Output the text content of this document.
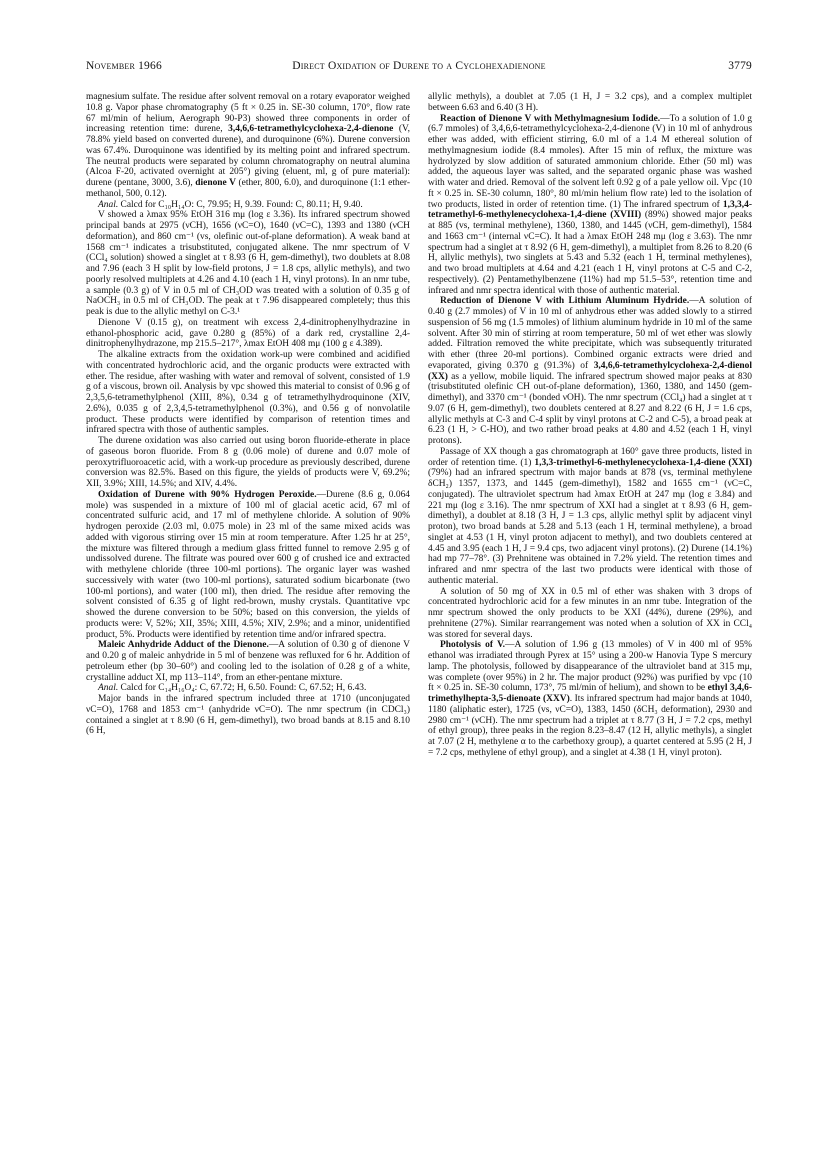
November 1966	Direct Oxidation of Durene to a Cyclohexadienone	3779

magnesium sulfate. The residue after solvent removal on a rotary evaporator weighed 10.8 g. Vapor phase chromatography (5 ft × 0.25 in. SE-30 column, 170°, flow rate 67 ml/min of helium, Aerograph 90-P3) showed three components in order of increasing retention time: durene, 3,4,6,6-tetramethylcyclohexa-2,4-dienone (V, 78.8% yield based on converted durene), and duroquinone (6%). Durene conversion was 67.4%. Duroquinone was identified by its melting point and infrared spectrum. The neutral products were separated by column chromatography on neutral alumina (Alcoa F-20, activated overnight at 205°) giving (eluent, ml, g of pure material): durene (pentane, 3000, 3.6), dienone V (ether, 800, 6.0), and duroquinone (1:1 ether-methanol, 500, 0.12).

Anal. Calcd for C₁₀H₁₄O: C, 79.95; H, 9.39. Found: C, 80.11; H, 9.40.

V showed a λmax 95% EtOH 316 mμ (log ε 3.36). Its infrared spectrum showed principal bands at 2975 (νCH), 1656 (νC=O), 1640 (νC=C), 1393 and 1380 (νCH deformation), and 860 cm⁻¹ (vs, olefinic out-of-plane deformation). A weak band at 1568 cm⁻¹ indicates a trisubstituted, conjugated alkene. The nmr spectrum of V (CCl₄ solution) showed a singlet at τ 8.93 (6 H, gem-dimethyl), two doublets at 8.08 and 7.96 (each 3 H split by low-field protons, J = 1.8 cps, allylic methyls), and two poorly resolved multiplets at 4.26 and 4.10 (each 1 H, vinyl protons). In an nmr tube, a sample (0.3 g) of V in 0.5 ml of CH₃OD was treated with a solution of 0.35 g of NaOCH₃ in 0.5 ml of CH₃OD. The peak at τ 7.96 disappeared completely; thus this peak is due to the allylic methyl on C-3.¹

Dienone V (0.15 g), on treatment wih excess 2,4-dinitrophenylhydrazine in ethanol-phosphoric acid, gave 0.280 g (85%) of a dark red, crystalline 2,4-dinitrophenylhydrazone, mp 215.5–217°, λmax EtOH 408 mμ (100 g ε 4.389).

The alkaline extracts from the oxidation work-up were combined and acidified with concentrated hydrochloric acid, and the organic products were extracted with ether. The residue, after washing with water and removal of solvent, consisted of 1.9 g of a viscous, brown oil. Analysis by vpc showed this material to consist of 0.96 g of 2,3,5,6-tetramethylphenol (XIII, 8%), 0.34 g of tetramethylhydroquinone (XIV, 2.6%), 0.035 g of 2,3,4,5-tetramethylphenol (0.3%), and 0.56 g of nonvolatile product. These products were identified by comparison of retention times and infrared spectra with those of authentic samples.

The durene oxidation was also carried out using boron fluoride-etherate in place of gaseous boron fluoride. From 8 g (0.06 mole) of durene and 0.07 mole of peroxytrifluoroacetic acid, with a work-up procedure as previously described, durene conversion was 82.5%. Based on this figure, the yields of products were V, 69.2%; XII, 3.9%; XIII, 14.5%; and XIV, 4.4%.

Oxidation of Durene with 90% Hydrogen Peroxide.—Durene (8.6 g, 0.064 mole) was suspended in a mixture of 100 ml of glacial acetic acid, 67 ml of concentrated sulfuric acid, and 17 ml of methylene chloride. A solution of 90% hydrogen peroxide (2.03 ml, 0.075 mole) in 23 ml of the same mixed acids was added with vigorous stirring over 15 min at room temperature. After 1.25 hr at 25°, the mixture was filtered through a medium glass fritted funnel to remove 2.95 g of undissolved durene. The filtrate was poured over 600 g of crushed ice and extracted with methylene chloride (three 100-ml portions). The organic layer was washed successively with water (two 100-ml portions), saturated sodium bicarbonate (two 100-ml portions), and water (100 ml), then dried. The residue after removing the solvent consisted of 6.35 g of light red-brown, mushy crystals. Quantitative vpc showed the durene conversion to be 50%; based on this conversion, the yields of products were: V, 52%; XII, 35%; XIII, 4.5%; XIV, 2.9%; and a minor, unidentified product, 5%. Products were identified by retention time and/or infrared spectra.

Maleic Anhydride Adduct of the Dienone.—A solution of 0.30 g of dienone V and 0.20 g of maleic anhydride in 5 ml of benzene was refluxed for 6 hr. Addition of petroleum ether (bp 30–60°) and cooling led to the isolation of 0.28 g of a white, crystalline adduct XI, mp 113–114°, from an ether-pentane mixture.

Anal. Calcd for C₁₄H₁₆O₄: C, 67.72; H, 6.50. Found: C, 67.52; H, 6.43.

Major bands in the infrared spectrum included three at 1710 (unconjugated νC=O), 1768 and 1853 cm⁻¹ (anhydride νC=O). The nmr spectrum (in CDCl₃) contained a singlet at τ 8.90 (6 H, gem-dimethyl), two broad bands at 8.15 and 8.10 (6 H,

allylic methyls), a doublet at 7.05 (1 H, J = 3.2 cps), and a complex multiplet between 6.63 and 6.40 (3 H).

Reaction of Dienone V with Methylmagnesium Iodide.—To a solution of 1.0 g (6.7 mmoles) of 3,4,6,6-tetramethylcyclohexa-2,4-dienone (V) in 10 ml of anhydrous ether was added, with efficient stirring, 6.0 ml of a 1.4 M ethereal solution of methylmagnesium iodide (8.4 mmoles). After 15 min of reflux, the mixture was hydrolyzed by slow addition of saturated ammonium chloride. Ether (50 ml) was added, the aqueous layer was salted, and the separated organic phase was washed with water and dried. Removal of the solvent left 0.92 g of a pale yellow oil. Vpc (10 ft × 0.25 in. SE-30 column, 180°, 80 ml/min helium flow rate) led to the isolation of two products, listed in order of retention time. (1) The infrared spectrum of 1,3,3,4-tetramethyl-6-methylenecyclohexa-1,4-diene (XVIII) (89%) showed major peaks at 885 (vs, terminal methylene), 1360, 1380, and 1445 (νCH, gem-dimethyl), 1584 and 1663 cm⁻¹ (internal νC=C). It had a λmax EtOH 248 mμ (log ε 3.63). The nmr spectrum had a singlet at τ 8.92 (6 H, gem-dimethyl), a multiplet from 8.26 to 8.20 (6 H, allylic methyls), two singlets at 5.43 and 5.32 (each 1 H, terminal methylenes), and two broad multiplets at 4.64 and 4.21 (each 1 H, vinyl protons at C-5 and C-2, respectively). (2) Pentamethylbenzene (11%) had mp 51.5–53°, retention time and infrared and nmr spectra identical with those of authentic material.

Reduction of Dienone V with Lithium Aluminum Hydride.—A solution of 0.40 g (2.7 mmoles) of V in 10 ml of anhydrous ether was added slowly to a stirred suspension of 56 mg (1.5 mmoles) of lithium aluminum hydride in 10 ml of the same solvent. After 30 min of stirring at room temperature, 50 ml of wet ether was slowly added. Filtration removed the white precipitate, which was subsequently triturated with ether (three 20-ml portions). Combined organic extracts were dried and evaporated, giving 0.370 g (91.3%) of 3,4,6,6-tetramethylcyclohexa-2,4-dienol (XX) as a yellow, mobile liquid. The infrared spectrum showed major peaks at 830 (trisubstituted olefinic CH out-of-plane deformation), 1360, 1380, and 1450 (gem-dimethyl), and 3370 cm⁻¹ (bonded νOH). The nmr spectrum (CCl₄) had a singlet at τ 9.07 (6 H, gem-dimethyl), two doublets centered at 8.27 and 8.22 (6 H, J = 1.6 cps, allylic methyls at C-3 and C-4 split by vinyl protons at C-2 and C-5), a broad peak at 6.23 (1 H, > C-HO), and two rather broad peaks at 4.80 and 4.52 (each 1 H, vinyl protons).

Passage of XX though a gas chromatograph at 160° gave three products, listed in order of retention time. (1) 1,3,3-trimethyl-6-methylenecyclohexa-1,4-diene (XXI) (79%) had an infrared spectrum with major bands at 878 (vs, terminal methylene δCH₂) 1357, 1373, and 1445 (gem-dimethyl), 1582 and 1655 cm⁻¹ (νC=C, conjugated). The ultraviolet spectrum had λmax EtOH at 247 mμ (log ε 3.84) and 221 mμ (log ε 3.16). The nmr spectrum of XXI had a singlet at τ 8.93 (6 H, gem-dimethyl), a doublet at 8.18 (3 H, J = 1.3 cps, allylic methyl split by adjacent vinyl proton), two broad bands at 5.28 and 5.13 (each 1 H, terminal methylene), a broad singlet at 4.53 (1 H, vinyl proton adjacent to methyl), and two doublets centered at 4.45 and 3.95 (each 1 H, J = 9.4 cps, two adjacent vinyl protons). (2) Durene (14.1%) had mp 77–78°. (3) Prehnitene was obtained in 7.2% yield. The retention times and infrared and nmr spectra of the last two products were identical with those of authentic material.

A solution of 50 mg of XX in 0.5 ml of ether was shaken with 3 drops of concentrated hydrochloric acid for a few minutes in an nmr tube. Integration of the nmr spectrum showed the only products to be XXI (44%), durene (29%), and prehnitene (27%). Similar rearrangement was noted when a solution of XX in CCl₄ was stored for several days.

Photolysis of V.—A solution of 1.96 g (13 mmoles) of V in 400 ml of 95% ethanol was irradiated through Pyrex at 15° using a 200-w Hanovia Type S mercury lamp. The photolysis, followed by disappearance of the ultraviolet band at 315 mμ, was complete (over 95%) in 2 hr. The major product (92%) was purified by vpc (10 ft × 0.25 in. SE-30 column, 173°, 75 ml/min of helium), and shown to be ethyl 3,4,6-trimethylhepta-3,5-dienoate (XXV). Its infrared spectrum had major bands at 1040, 1180 (aliphatic ester), 1725 (vs, νC=O), 1383, 1450 (δCH₃ deformation), 2930 and 2980 cm⁻¹ (νCH). The nmr spectrum had a triplet at τ 8.77 (3 H, J = 7.2 cps, methyl of ethyl group), three peaks in the region 8.23–8.47 (12 H, allylic methyls), a singlet at 7.07 (2 H, methylene α to the carbethoxy group), a quartet centered at 5.95 (2 H, J = 7.2 cps, methylene of ethyl group), and a singlet at 4.38 (1 H, vinyl proton).
